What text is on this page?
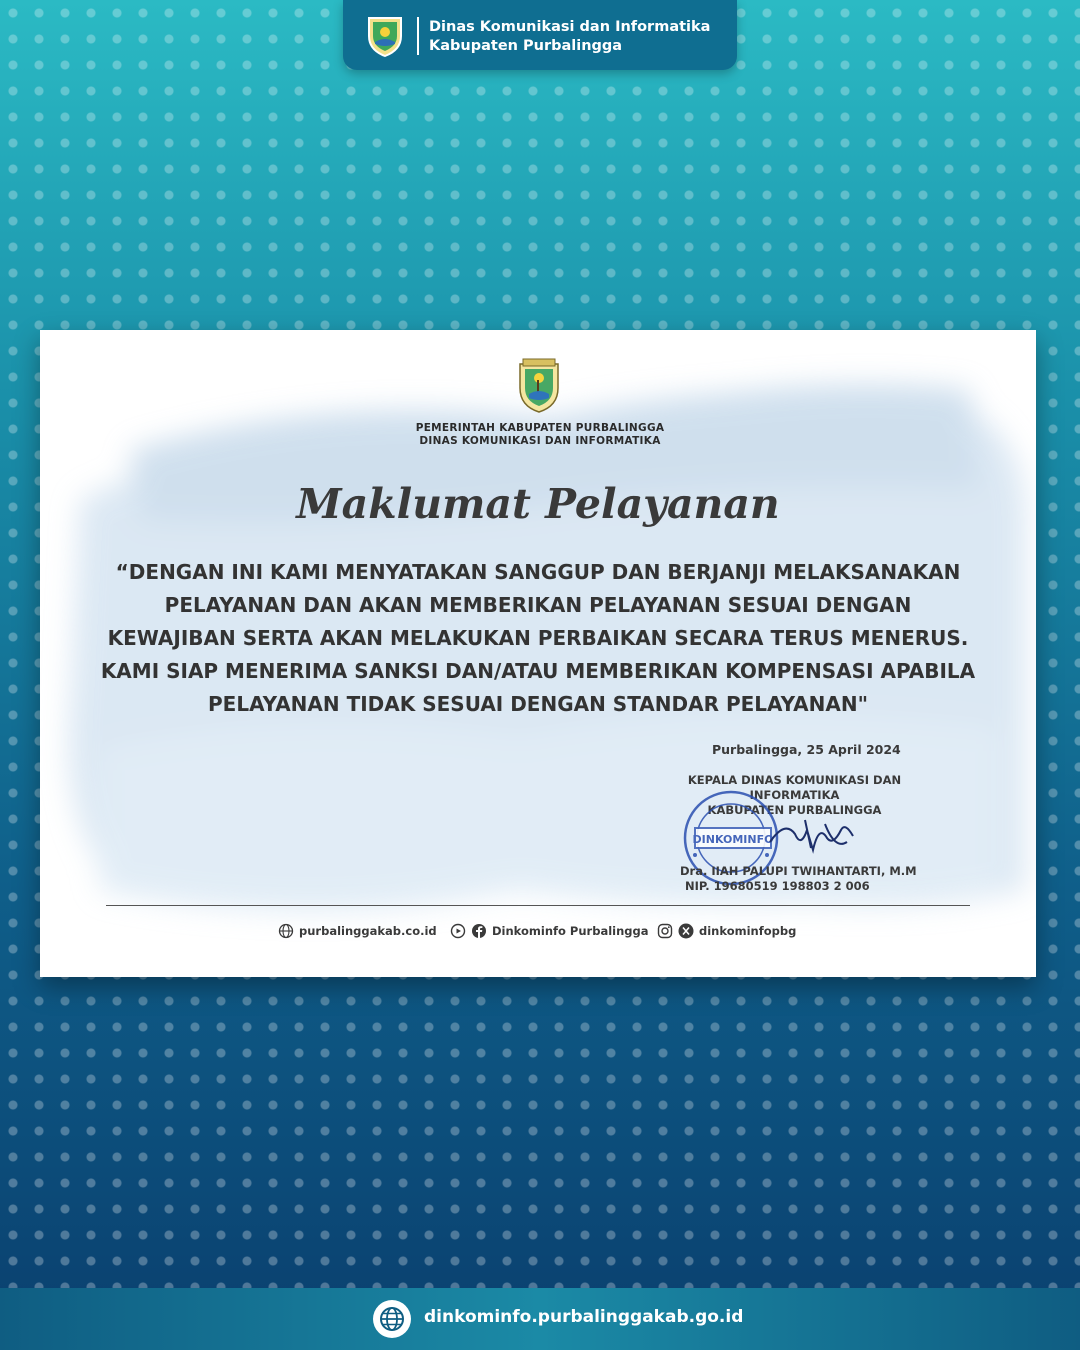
Dinas Komunikasi dan Informatika
Kabupaten Purbalingga
PEMERINTAH KABUPATEN PURBALINGGA
DINAS KOMUNIKASI DAN INFORMATIKA
Maklumat Pelayanan
“DENGAN INI KAMI MENYATAKAN SANGGUP DAN BERJANJI MELAKSANAKAN
PELAYANAN DAN AKAN MEMBERIKAN PELAYANAN SESUAI DENGAN
KEWAJIBAN SERTA AKAN MELAKUKAN PERBAIKAN SECARA TERUS MENERUS.
KAMI SIAP MENERIMA SANKSI DAN/ATAU MEMBERIKAN KOMPENSASI APABILA
PELAYANAN TIDAK SESUAI DENGAN STANDAR PELAYANAN"
Purbalingga, 25 April 2024
KEPALA DINAS KOMUNIKASI DAN INFORMATIKA
KABUPATEN PURBALINGGA
DINKOMINFO
Dra. IIAH PALUPI TWIHANTARTI, M.M
NIP. 19680519 198803 2 006
purbalinggakab.co.id	Dinkominfo Purbalingga	dinkominfopbg
dinkominfo.purbalinggakab.go.id
